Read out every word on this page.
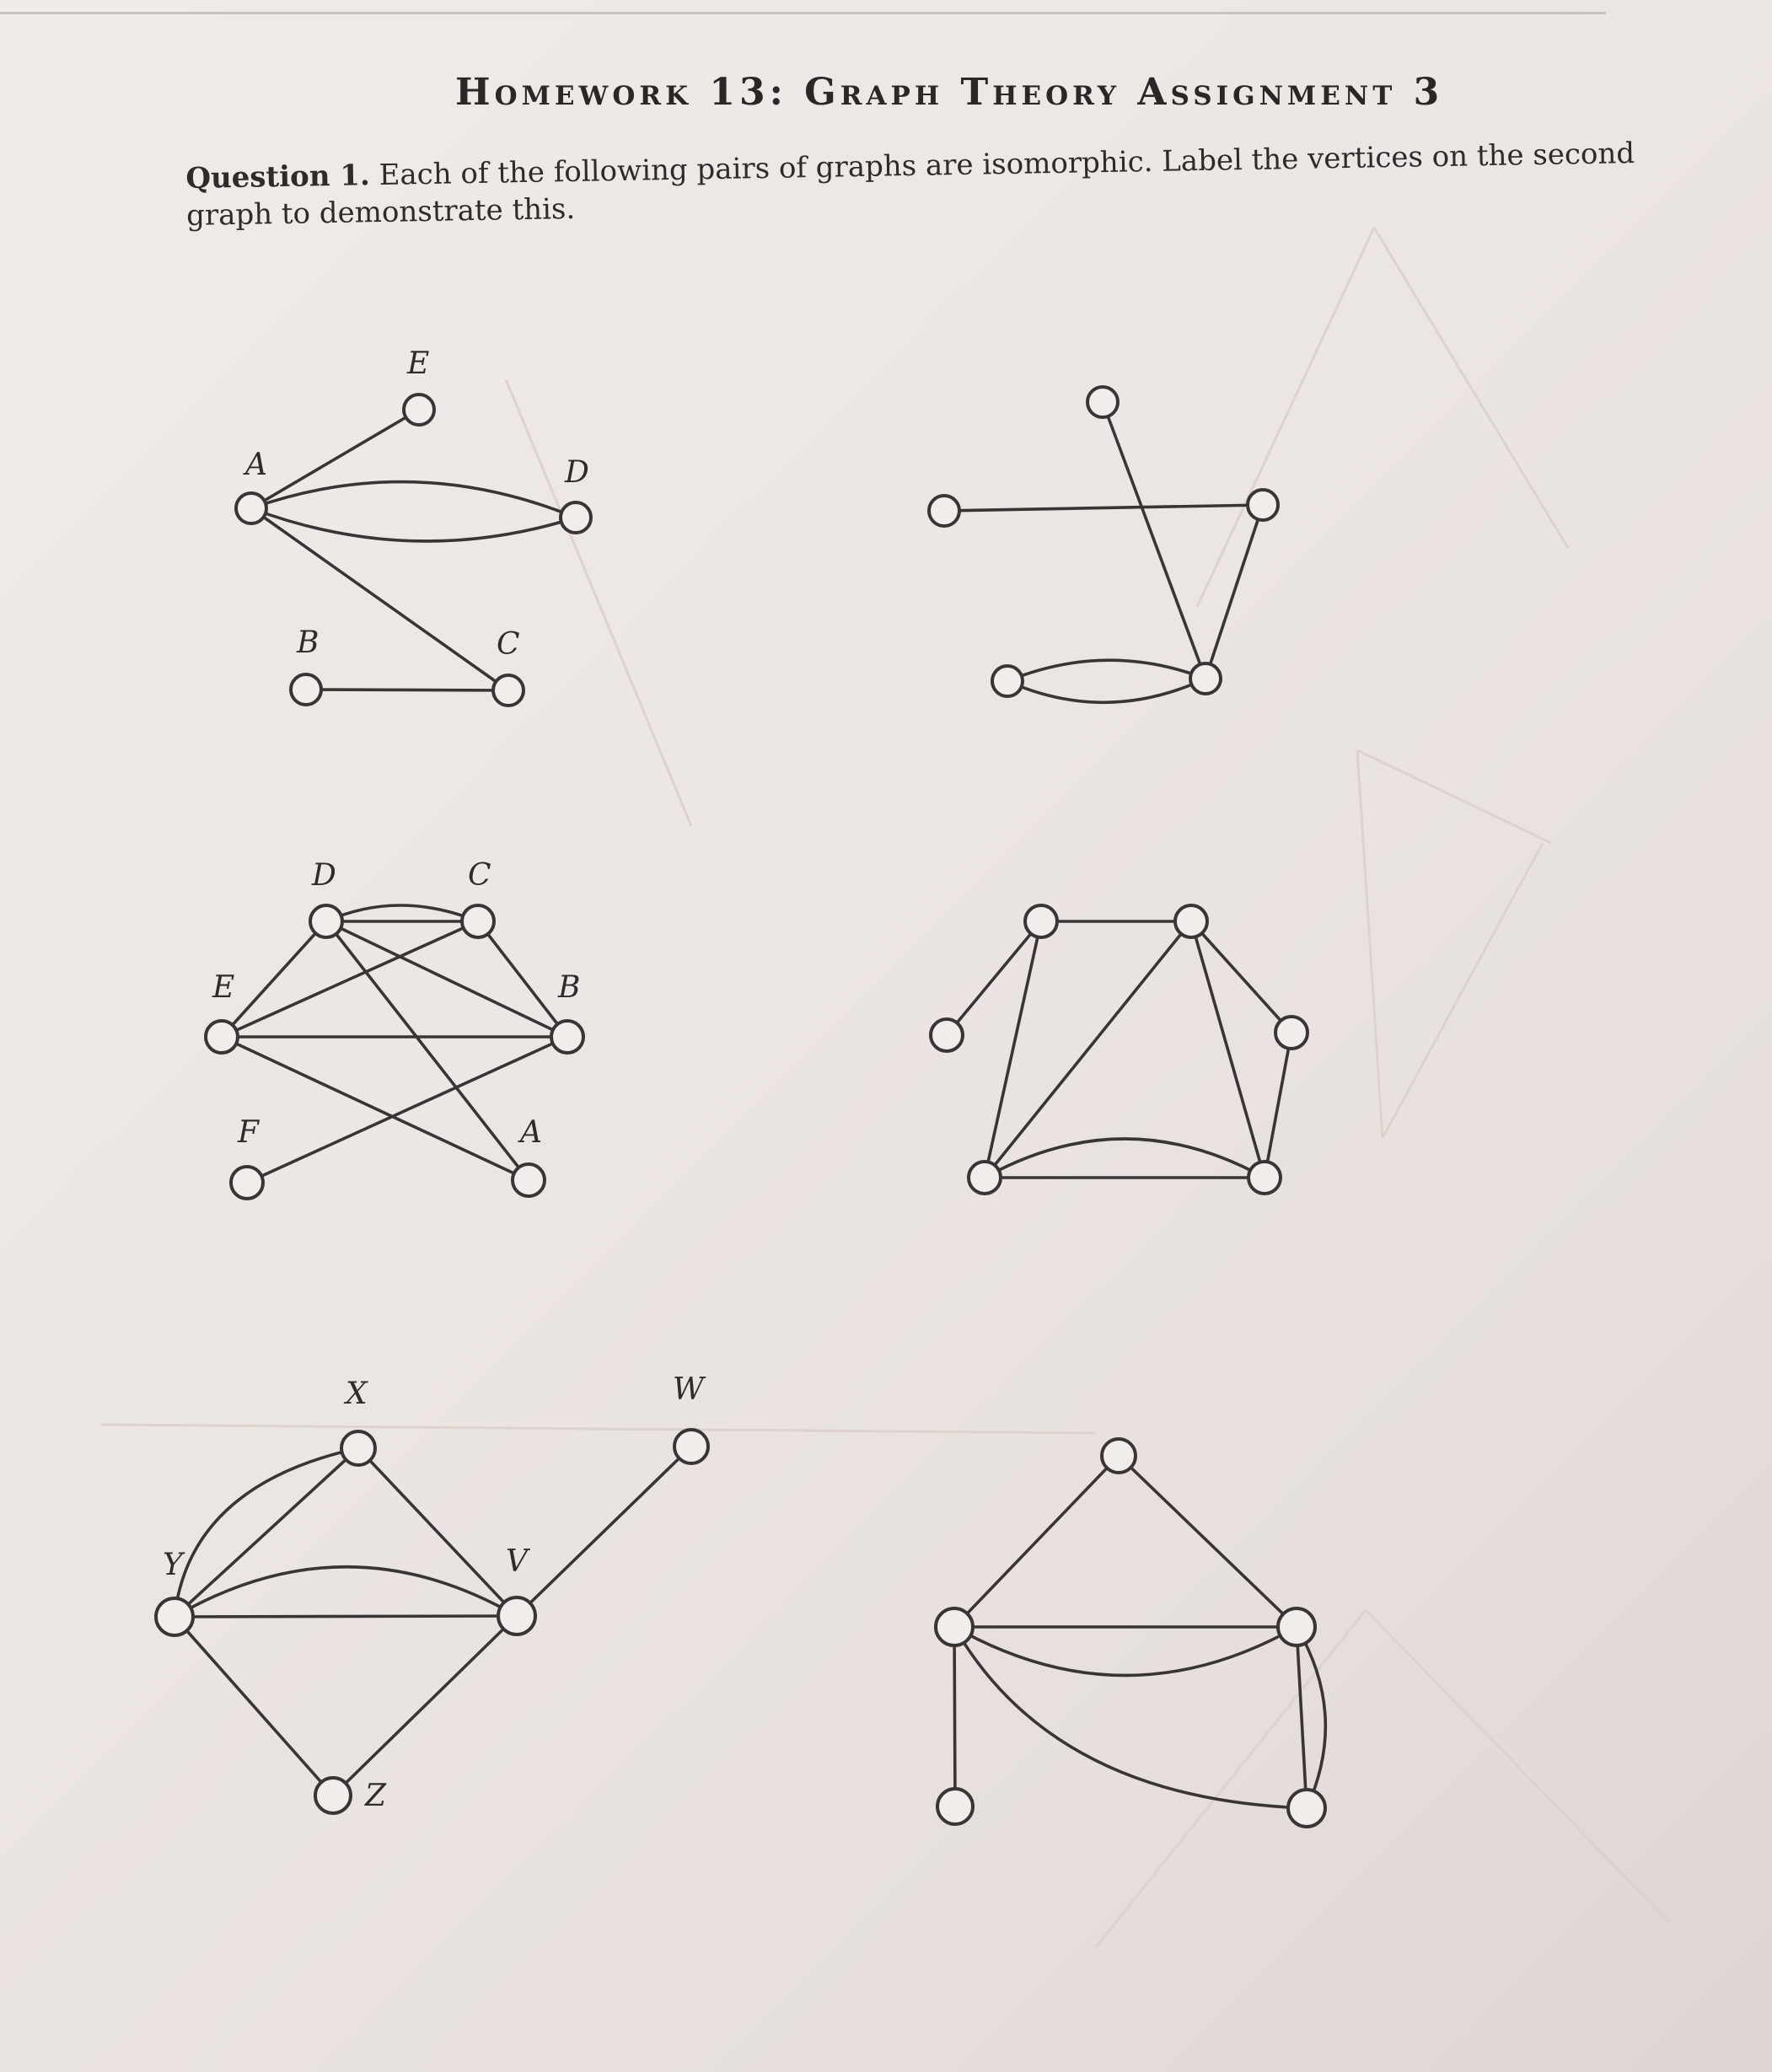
Homework 13: Graph Theory Assignment 3
Question 1. Each of the following pairs of graphs are isomorphic. Label the vertices on the second graph to demonstrate this.
E
A	D
B	C
D	C
E	B
F	A
X	W
Y	V
Z
